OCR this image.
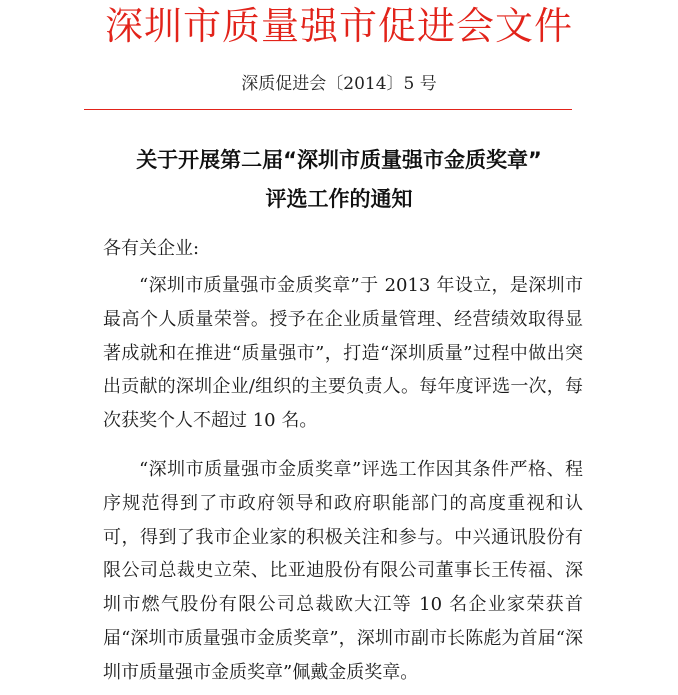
深圳市质量强市促进会文件
深质促进会〔2014〕5 号
关于开展第二届“深圳市质量强市金质奖章”
评选工作的通知
各有关企业:

“深圳市质量强市金质奖章”于 2013 年设立，是深圳市最高个人质量荣誉。授予在企业质量管理、经营绩效取得显著成就和在推进“质量强市”，打造“深圳质量”过程中做出突出贡献的深圳企业/组织的主要负责人。每年度评选一次，每次获奖个人不超过 10 名。

“深圳市质量强市金质奖章”评选工作因其条件严格、程序规范得到了市政府领导和政府职能部门的高度重视和认可，得到了我市企业家的积极关注和参与。中兴通讯股份有限公司总裁史立荣、比亚迪股份有限公司董事长王传福、深圳市燃气股份有限公司总裁欧大江等 10 名企业家荣获首届“深圳市质量强市金质奖章”，深圳市副市长陈彪为首届“深圳市质量强市金质奖章”佩戴金质奖章。
